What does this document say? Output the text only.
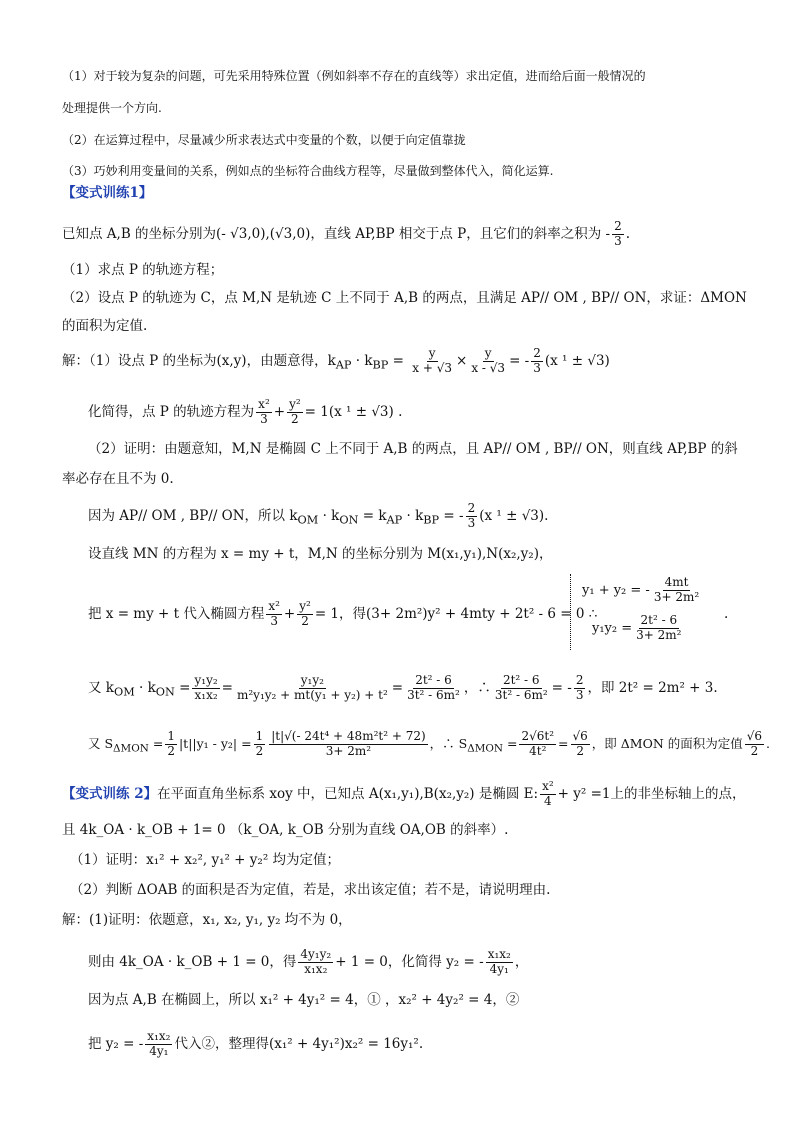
（1）对于较为复杂的问题，可先采用特殊位置（例如斜率不存在的直线等）求出定值，进而给后面一般情况的
处理提供一个方向.
（2）在运算过程中，尽量减少所求表达式中变量的个数，以便于向定值靠拢
（3）巧妙利用变量间的关系，例如点的坐标符合曲线方程等，尽量做到整体代入，简化运算.
【变式训练1】
已知点 A,B 的坐标分别为(- √3,0),(√3,0)，直线 AP,BP 相交于点 P，且它们的斜率之积为 - $\frac{2}{3}$ .
（1）求点 P 的轨迹方程；
（2）设点 P 的轨迹为 C，点 M,N 是轨迹 C 上不同于 A,B 的两点，且满足 AP// OM , BP// ON，求证：ΔMON
的面积为定值.
解：（1）设点 P 的坐标为(x,y)，由题意得，$k_{AP} \cdot k_{BP} = \frac{y}{x + √3} \times \frac{y}{x - √3}$ = - $\frac{2}{3} (x$ ¹ ± √3)
化简得，点 P 的轨迹方程为 $\frac{\text{x²}}{3} + \frac{\text{y²}}{2} = 1(x$ ¹ ± √3) .
（2）证明：由题意知，M,N 是椭圆 C 上不同于 A,B 的两点，且 AP// OM , BP// ON，则直线 AP,BP 的斜
率必存在且不为 0.
因为 AP// OM , BP// ON，所以 $k_{OM} \cdot k_{ON} = k_{AP} \cdot k_{BP}$ = - $\frac{2}{3} (x$ ¹ ± √3).
设直线 MN 的方程为 x = my + t，M,N 的坐标分别为 M(x₁,y₁),N(x₂,y₂)，
把 x = my + t 代入椭圆方程 $\frac{\text{x²}}{3} + \frac{\text{y²}}{2} = 1$，得(3+ 2m²)y² + 4mty + 2t² - 6 = 0 ∴
y₁ + y₂ = - $\frac{4mt}{\text{3+ 2m²}}$
$y_1y_2 = \frac{\text{2t² - 6}}{\text{3+ 2m²}}$	.
又 $k_{OM} \cdot k_{ON} = \frac{\text{y₁y₂}}{\text{x₁x₂}} = \frac{\text{y₁y₂}}{\text{m²y₁y₂ + mt(y₁ + y₂) + t²}} = \frac{\text{2t² - 6}}{\text{3t² - 6m²}}$ ，∴ $\frac{\text{2t² - 6}}{\text{3t² - 6m²}}$ = - $\frac{2}{3}$ ，即 2t² = 2m² + 3.
又 $S_{\Delta MON} = \frac{1}{2} |t||y_1 - y_2| = \frac{1}{2} \frac{\text{|t|√(- 24t⁴ + 48m²t² + 72)}}{\text{3+ 2m²}}$ ，∴ $S_{\Delta MON} = \frac{\text{2√6t²}}{\text{4t²}} = \frac{√6}{2}$ ，即 ΔMON 的面积为定值 $\frac{√6}{2}$ .
【变式训练 2】在平面直角坐标系 xoy 中，已知点 A(x₁,y₁),B(x₂,y₂) 是椭圆 E: $\frac{\text{x²}}{4} + y^2 =1$上的非坐标轴上的点，
且 4k_OA · k_OB + 1= 0 （k_OA, k_OB 分别为直线 OA,OB 的斜率）.
（1）证明：x₁² + x₂², y₁² + y₂² 均为定值；
（2）判断 ΔOAB 的面积是否为定值，若是，求出该定值；若不是，请说明理由.
解：(1)证明：依题意，x₁, x₂, y₁, y₂ 均不为 0，
则由 4k_OA · k_OB + 1 = 0，得 $\frac{\text{4y₁y₂}}{\text{x₁x₂}} + 1 = 0$，化简得 y₂ = - $\frac{\text{x₁x₂}}{\text{4y₁}}$ ，
因为点 A,B 在椭圆上，所以 x₁² + 4y₁² = 4，① ，x₂² + 4y₂² = 4，②
把 y₂ = - $\frac{\text{x₁x₂}}{\text{4y₁}}$ 代入②，整理得(x₁² + 4y₁²)x₂² = 16y₁².
